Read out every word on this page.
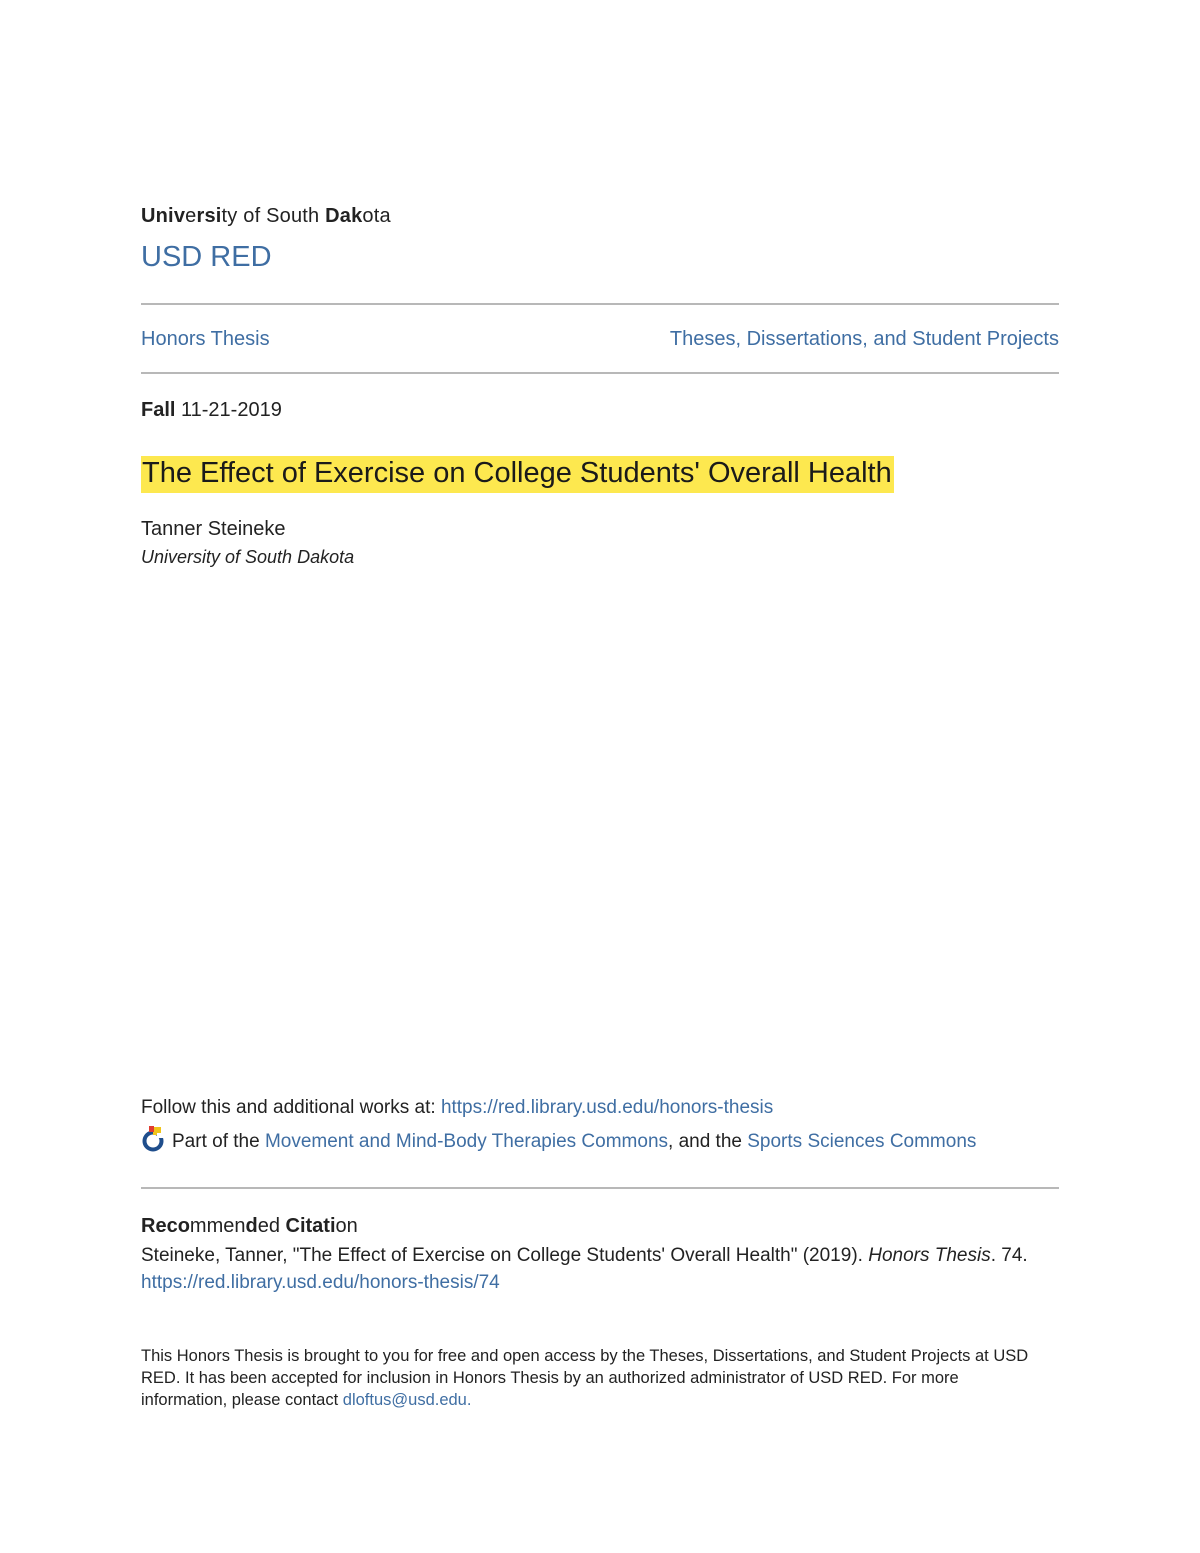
University of South Dakota
USD RED
Honors Thesis	Theses, Dissertations, and Student Projects
Fall 11-21-2019
The Effect of Exercise on College Students' Overall Health
Tanner Steineke
University of South Dakota
Follow this and additional works at: https://red.library.usd.edu/honors-thesis
Part of the
Movement and Mind-Body Therapies Commons , and the Sports Sciences Commons
Recommended Citation
Steineke, Tanner, "The Effect of Exercise on College Students' Overall Health" (2019). Honors Thesis. 74.
https://red.library.usd.edu/honors-thesis/74
This Honors Thesis is brought to you for free and open access by the Theses, Dissertations, and Student Projects at USD RED. It has been accepted for inclusion in Honors Thesis by an authorized administrator of USD RED. For more information, please contact dloftus@usd.edu.
